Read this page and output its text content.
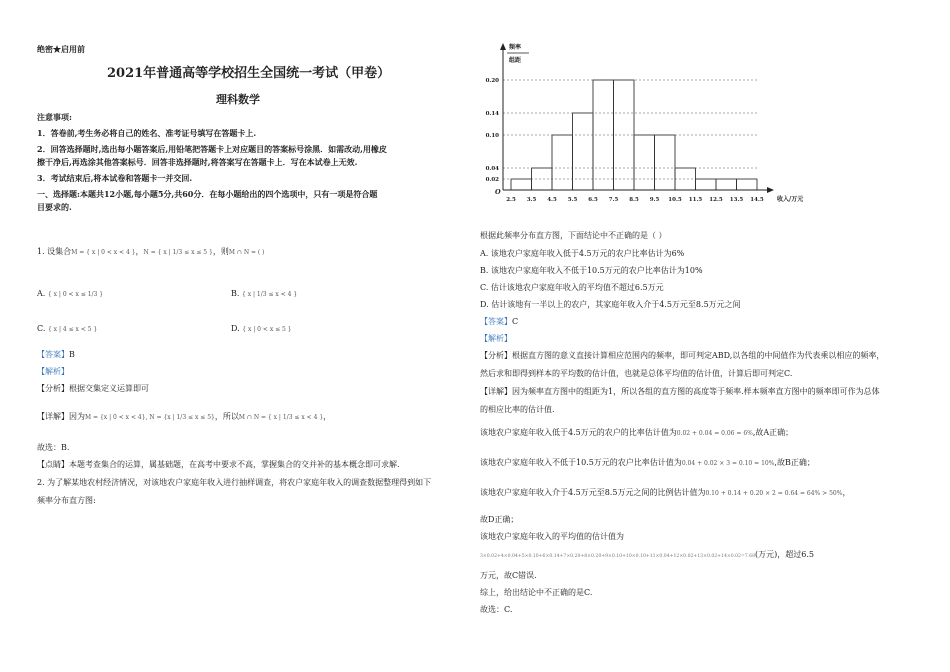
绝密★启用前
2021年普通高等学校招生全国统一考试（甲卷）
理科数学
注意事项:
1．答卷前,考生务必将自己的姓名、准考证号填写在答题卡上.
2．回答选择题时,选出每小题答案后,用铅笔把答题卡上对应题目的答案标号涂黑．如需改动,用橡皮
擦干净后,再选涂其他答案标号．回答非选择题时,将答案写在答题卡上．写在本试卷上无效.
3．考试结束后,将本试卷和答题卡一并交回.
一、选择题:本题共12小题,每小题5分,共60分．在每小题给出的四个选项中，只有一项是符合题
目要求的.
1. 设集合M = { x | 0 < x < 4 }，N = { x | 1/3 ≤ x ≤ 5 }，则M ∩ N = ( )
A. { x | 0 < x ≤ 1/3 }	B. { x | 1/3 ≤ x < 4 }
C. { x | 4 ≤ x < 5 }	D. { x | 0 < x ≤ 5 }
【答案】B
【解析】
【分析】根据交集定义运算即可
【详解】因为M = {x | 0 < x < 4}, N = {x | 1/3 ≤ x ≤ 5}，所以M ∩ N = { x | 1/3 ≤ x < 4 }，
故选：B.
【点睛】本题考查集合的运算，属基础题，在高考中要求不高，掌握集合的交并补的基本概念即可求解.
2. 为了解某地农村经济情况，对该地农户家庭年收入进行抽样调查，将农户家庭年收入的调查数据整理得到如下
频率分布直方图:
0.20
0.14
0.10
0.04
0.02
2.5 3.5 4.5 5.5 6.5 7.5 8.5 9.5 10.5 11.5 12.5 13.5 14.5
O
频率
组距
收入/万元
根据此频率分布直方图，下面结论中不正确的是（ ）
A. 该地农户家庭年收入低于4.5万元的农户比率估计为6%
B. 该地农户家庭年收入不低于10.5万元的农户比率估计为10%
C. 估计该地农户家庭年收入的平均值不超过6.5万元
D. 估计该地有一半以上的农户，其家庭年收入介于4.5万元至8.5万元之间
【答案】C
【解析】
【分析】根据直方图的意义直接计算相应范围内的频率，即可判定ABD,以各组的中间值作为代表乘以相应的频率，
然后求和即得到样本的平均数的估计值，也就是总体平均值的估计值，计算后即可判定C.
【详解】因为频率直方图中的组距为1，所以各组的直方图的高度等于频率.样本频率直方图中的频率即可作为总体
的相应比率的估计值.
该地农户家庭年收入低于4.5万元的农户的比率估计值为0.02 + 0.04 = 0.06 = 6%,故A正确；
该地农户家庭年收入不低于10.5万元的农户比率估计值为0.04 + 0.02 × 3 = 0.10 = 10%,故B正确；
该地农户家庭年收入介于4.5万元至8.5万元之间的比例估计值为0.10 + 0.14 + 0.20 × 2 = 0.64 = 64% > 50%，
故D正确；
该地农户家庭年收入的平均值的估计值为
3×0.02+4×0.04+5×0.10+6×0.14+7×0.20+8×0.20+9×0.10+10×0.10+11×0.04+12×0.02+13×0.02+14×0.02=7.68(万元)，超过6.5
万元，故C错误.
综上，给出结论中不正确的是C.
故选：C.
